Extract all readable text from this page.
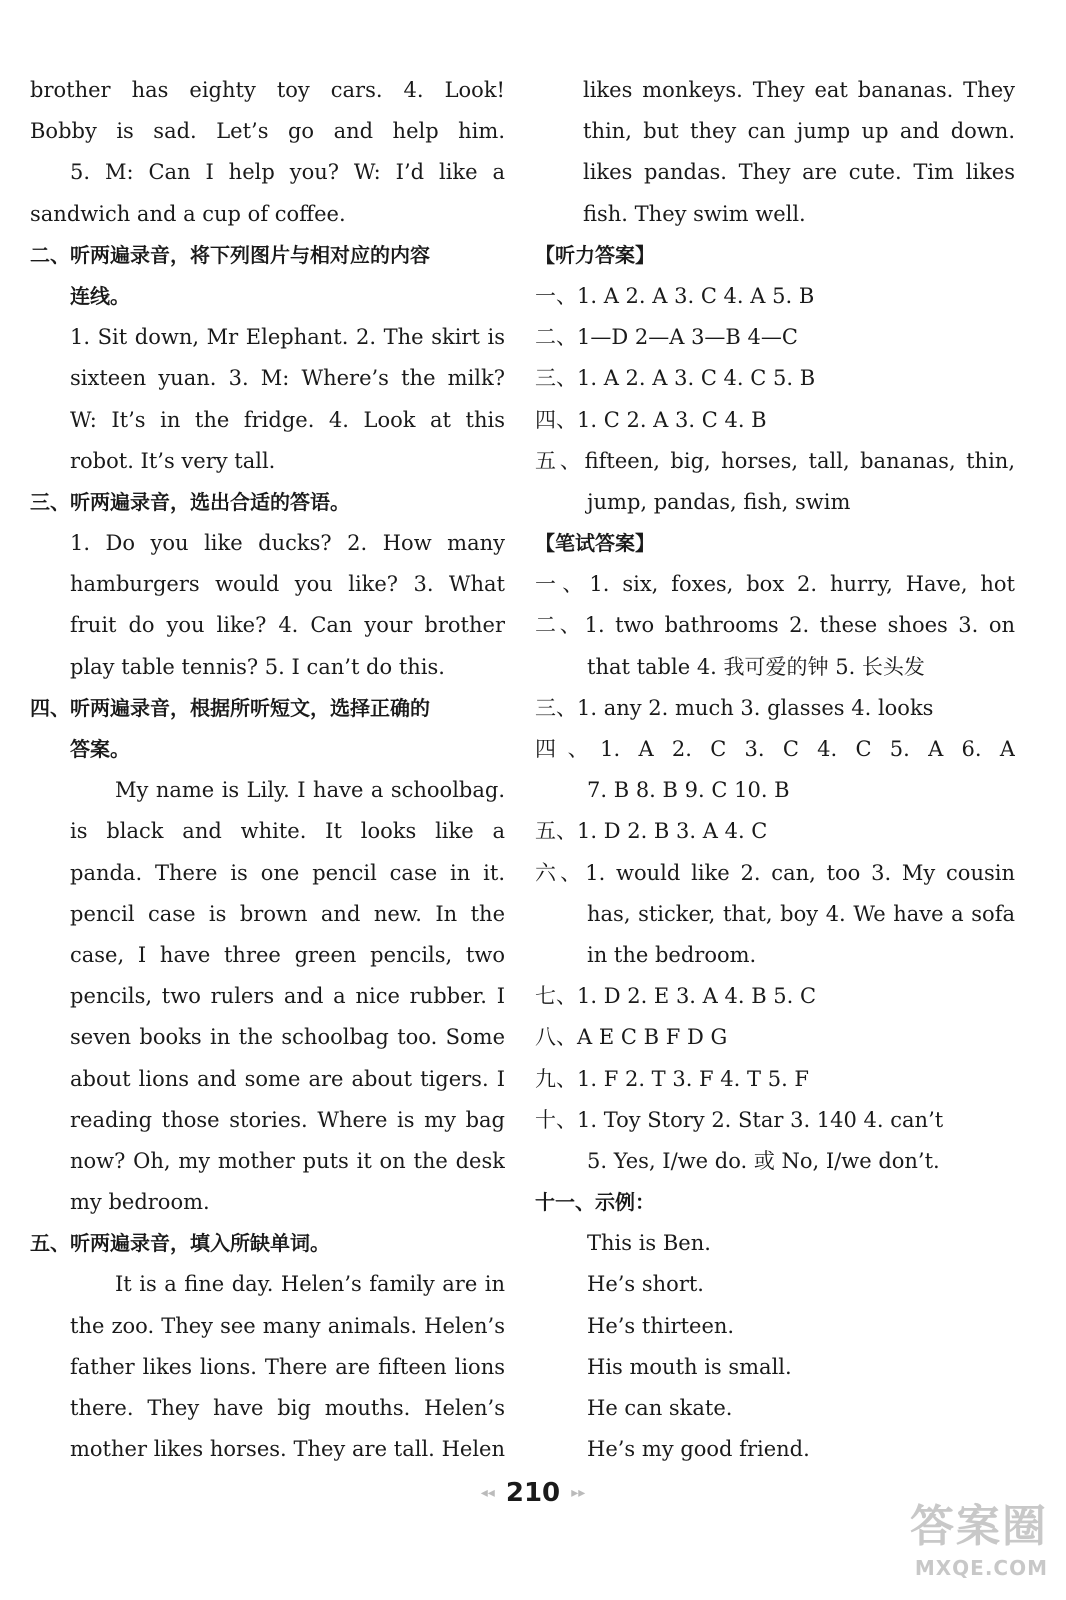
brother has eighty toy cars. 4. Look!
Bobby is sad. Let’s go and help him.
5. M: Can I help you? W: I’d like a
sandwich and a cup of coffee.
二、听两遍录音，将下列图片与相对应的内容
连线。
1. Sit down, Mr Elephant. 2. The skirt is
sixteen yuan. 3. M: Where’s the milk?
W: It’s in the fridge. 4. Look at this
robot. It’s very tall.
三、听两遍录音，选出合适的答语。
1. Do you like ducks? 2. How many
hamburgers would you like? 3. What
fruit do you like? 4. Can your brother
play table tennis? 5. I can’t do this.
四、听两遍录音，根据所听短文，选择正确的
答案。
My name is Lily. I have a schoolbag.
is black and white. It looks like a
panda. There is one pencil case in it.
pencil case is brown and new. In the
case, I have three green pencils, two
pencils, two rulers and a nice rubber. I
seven books in the schoolbag too. Some
about lions and some are about tigers. I
reading those stories. Where is my bag
now? Oh, my mother puts it on the desk
my bedroom.
五、听两遍录音，填入所缺单词。
It is a fine day. Helen’s family are in
the zoo. They see many animals. Helen’s
father likes lions. There are fifteen lions
there. They have big mouths. Helen’s
mother likes horses. They are tall. Helen
likes monkeys. They eat bananas. They
thin, but they can jump up and down.
likes pandas. They are cute. Tim likes
fish. They swim well.
【听力答案】
一、1. A 2. A 3. C 4. A 5. B
二、1—D 2—A 3—B 4—C
三、1. A 2. A 3. C 4. C 5. B
四、1. C 2. A 3. C 4. B
五、fifteen, big, horses, tall, bananas, thin,
jump, pandas, fish, swim
【笔试答案】
一、1. six, foxes, box 2. hurry, Have, hot
二、1. two bathrooms 2. these shoes 3. on
that table 4. 我可爱的钟 5. 长头发
三、1. any 2. much 3. glasses 4. looks
四、1. A 2. C 3. C 4. C 5. A 6. A
7. B 8. B 9. C 10. B
五、1. D 2. B 3. A 4. C
六、1. would like 2. can, too 3. My cousin
has, sticker, that, boy 4. We have a sofa
in the bedroom.
七、1. D 2. E 3. A 4. B 5. C
八、A E C B F D G
九、1. F 2. T 3. F 4. T 5. F
十、1. Toy Story 2. Star 3. 140 4. can’t
5. Yes, I/we do. 或 No, I/we don’t.
十一、示例：
This is Ben.
He’s short.
He’s thirteen.
His mouth is small.
He can skate.
He’s my good friend.
◂◂ 210 ▸▸
答案圈
MXQE.COM
